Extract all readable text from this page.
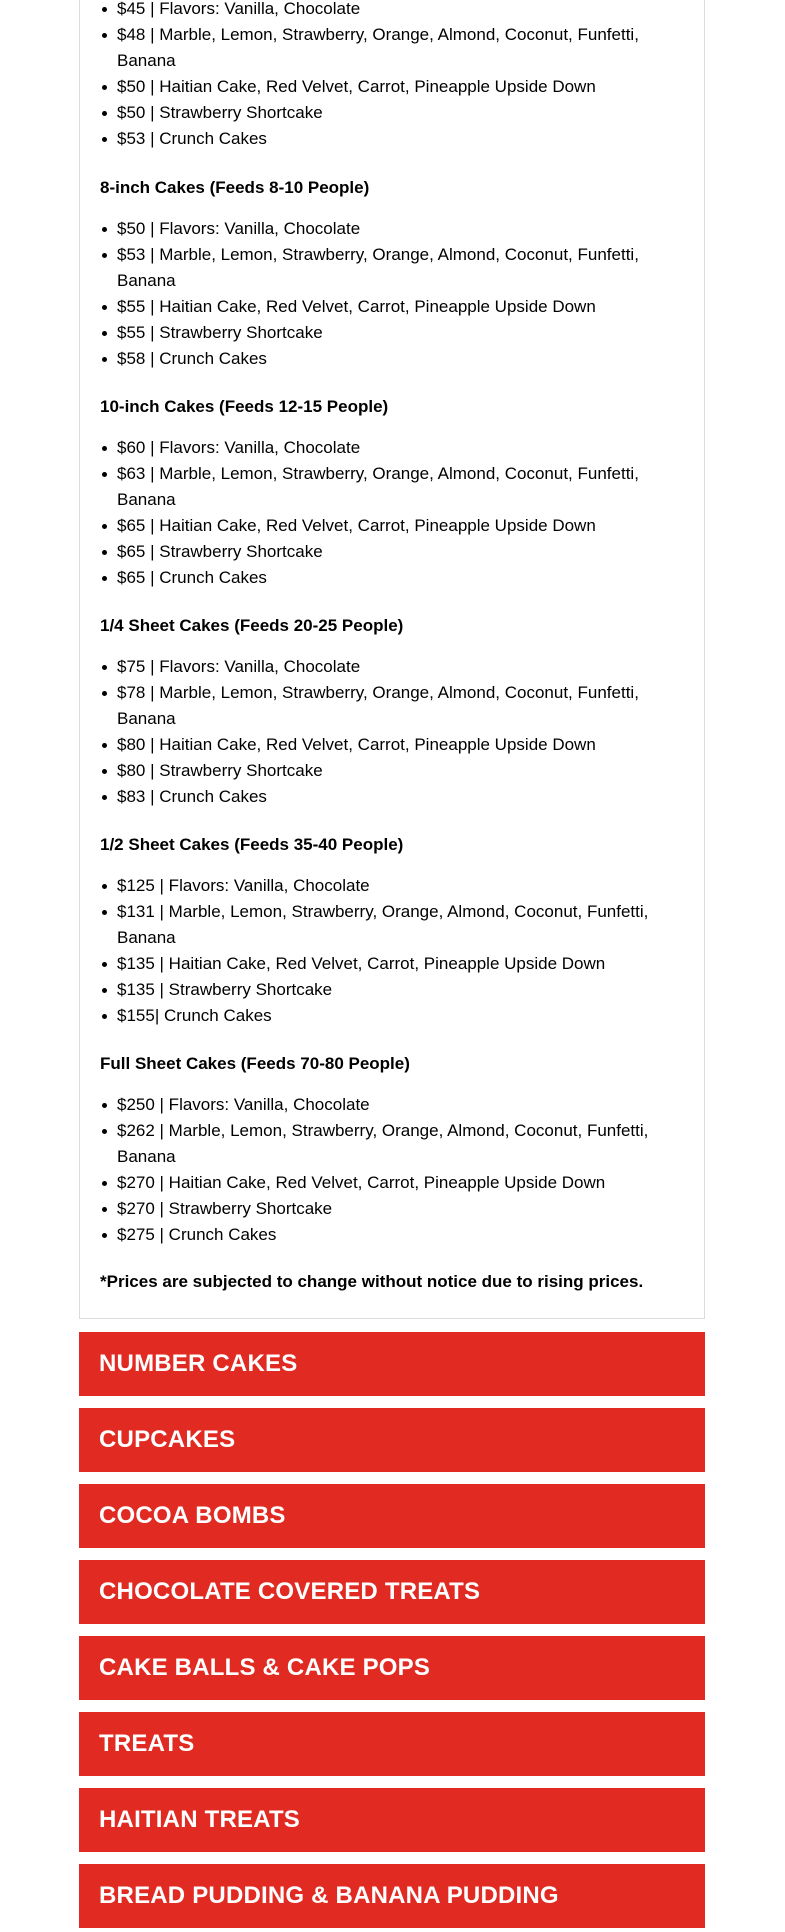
$45 | Flavors: Vanilla, Chocolate
$48 | Marble, Lemon, Strawberry, Orange, Almond, Coconut, Funfetti, Banana
$50 | Haitian Cake, Red Velvet, Carrot, Pineapple Upside Down
$50 | Strawberry Shortcake
$53 | Crunch Cakes
8-inch Cakes (Feeds 8-10 People)
$50 | Flavors: Vanilla, Chocolate
$53 | Marble, Lemon, Strawberry, Orange, Almond, Coconut, Funfetti, Banana
$55 | Haitian Cake, Red Velvet, Carrot, Pineapple Upside Down
$55 | Strawberry Shortcake
$58 | Crunch Cakes
10-inch Cakes (Feeds 12-15 People)
$60 | Flavors: Vanilla, Chocolate
$63 | Marble, Lemon, Strawberry, Orange, Almond, Coconut, Funfetti, Banana
$65 | Haitian Cake, Red Velvet, Carrot, Pineapple Upside Down
$65 | Strawberry Shortcake
$65 | Crunch Cakes
1/4 Sheet Cakes (Feeds 20-25 People)
$75 | Flavors: Vanilla, Chocolate
$78 | Marble, Lemon, Strawberry, Orange, Almond, Coconut, Funfetti, Banana
$80 | Haitian Cake, Red Velvet, Carrot, Pineapple Upside Down
$80 | Strawberry Shortcake
$83 | Crunch Cakes
1/2 Sheet Cakes (Feeds 35-40 People)
$125 | Flavors: Vanilla, Chocolate
$131 | Marble, Lemon, Strawberry, Orange, Almond, Coconut, Funfetti, Banana
$135 | Haitian Cake, Red Velvet, Carrot, Pineapple Upside Down
$135 | Strawberry Shortcake
$155| Crunch Cakes
Full Sheet Cakes (Feeds 70-80 People)
$250 | Flavors: Vanilla, Chocolate
$262 | Marble, Lemon, Strawberry, Orange, Almond, Coconut, Funfetti, Banana
$270 | Haitian Cake, Red Velvet, Carrot, Pineapple Upside Down
$270 | Strawberry Shortcake
$275 | Crunch Cakes

*Prices are subjected to change without notice due to rising prices.

NUMBER CAKES
CUPCAKES
COCOA BOMBS
CHOCOLATE COVERED TREATS
CAKE BALLS & CAKE POPS
TREATS
HAITIAN TREATS
BREAD PUDDING & BANANA PUDDING
